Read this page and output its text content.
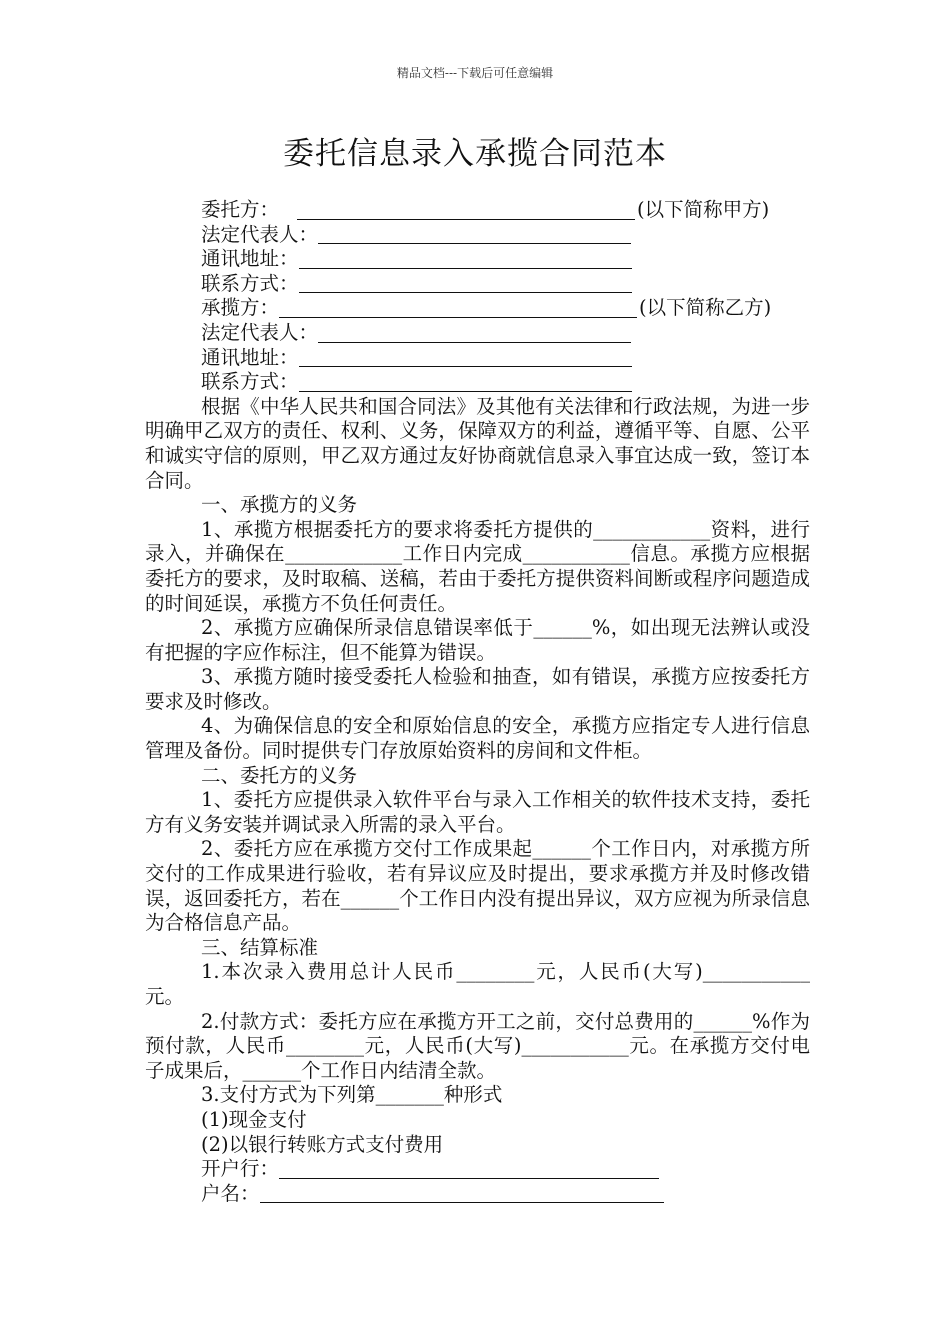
精品文档---下载后可任意编辑
委托信息录入承揽合同范本
委托方：	(以下简称甲方)
法定代表人：
通讯地址：
联系方式：
承揽方：	(以下简称乙方)
法定代表人：
通讯地址：
联系方式：

根据《中华人民共和国合同法》及其他有关法律和行政法规，为进一步明确甲乙双方的责任、权利、义务，保障双方的利益，遵循平等、自愿、公平和诚实守信的原则，甲乙双方通过友好协商就信息录入事宜达成一致，签订本合同。

一、承揽方的义务

1、承揽方根据委托方的要求将委托方提供的____________资料，进行录入，并确保在____________工作日内完成___________信息。承揽方应根据委托方的要求，及时取稿、送稿，若由于委托方提供资料间断或程序问题造成的时间延误，承揽方不负任何责任。

2、承揽方应确保所录信息错误率低于______%，如出现无法辨认或没有把握的字应作标注，但不能算为错误。

3、承揽方随时接受委托人检验和抽查，如有错误，承揽方应按委托方要求及时修改。

4、为确保信息的安全和原始信息的安全，承揽方应指定专人进行信息管理及备份。同时提供专门存放原始资料的房间和文件柜。

二、委托方的义务

1、委托方应提供录入软件平台与录入工作相关的软件技术支持，委托方有义务安装并调试录入所需的录入平台。

2、委托方应在承揽方交付工作成果起______个工作日内，对承揽方所交付的工作成果进行验收，若有异议应及时提出，要求承揽方并及时修改错误，返回委托方，若在______个工作日内没有提出异议，双方应视为所录信息为合格信息产品。

三、结算标准

1.本次录入费用总计人民币________元，人民币(大写)___________元。

2.付款方式：委托方应在承揽方开工之前，交付总费用的______%作为预付款，人民币________元，人民币(大写)___________元。在承揽方交付电子成果后，______个工作日内结清全款。

3.支付方式为下列第_______种形式

(1)现金支付

(2)以银行转账方式支付费用

开户行：
户名：
